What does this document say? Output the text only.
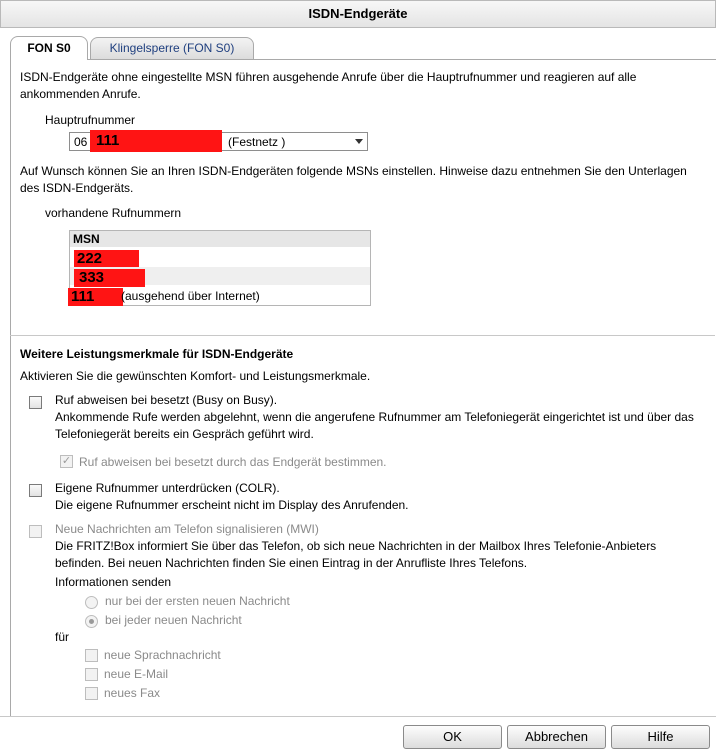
ISDN-Endgeräte
FON S0	Klingelsperre (FON S0)
ISDN-Endgeräte ohne eingestellte MSN führen ausgehende Anrufe über die Hauptrufnummer und reagieren auf alle ankommenden Anrufe.
Hauptrufnummer
06 111	(Festnetz )
Auf Wunsch können Sie an Ihren ISDN-Endgeräten folgende MSNs einstellen. Hinweise dazu entnehmen Sie den Unterlagen des ISDN-Endgeräts.
vorhandene Rufnummern
MSN
222
333
111	(ausgehend über Internet)
Weitere Leistungsmerkmale für ISDN-Endgeräte
Aktivieren Sie die gewünschten Komfort- und Leistungsmerkmale.
Ruf abweisen bei besetzt (Busy on Busy).
Ankommende Rufe werden abgelehnt, wenn die angerufene Rufnummer am Telefoniegerät eingerichtet ist und über das Telefoniegerät bereits ein Gespräch geführt wird.
✓ Ruf abweisen bei besetzt durch das Endgerät bestimmen.
Eigene Rufnummer unterdrücken (COLR).
Die eigene Rufnummer erscheint nicht im Display des Anrufenden.
Neue Nachrichten am Telefon signalisieren (MWI)
Die FRITZ!Box informiert Sie über das Telefon, ob sich neue Nachrichten in der Mailbox Ihres Telefonie-Anbieters befinden. Bei neuen Nachrichten finden Sie einen Eintrag in der Anrufliste Ihres Telefons.
Informationen senden
nur bei der ersten neuen Nachricht
bei jeder neuen Nachricht
für
neue Sprachnachricht
neue E-Mail
neues Fax
OK	Abbrechen	Hilfe
